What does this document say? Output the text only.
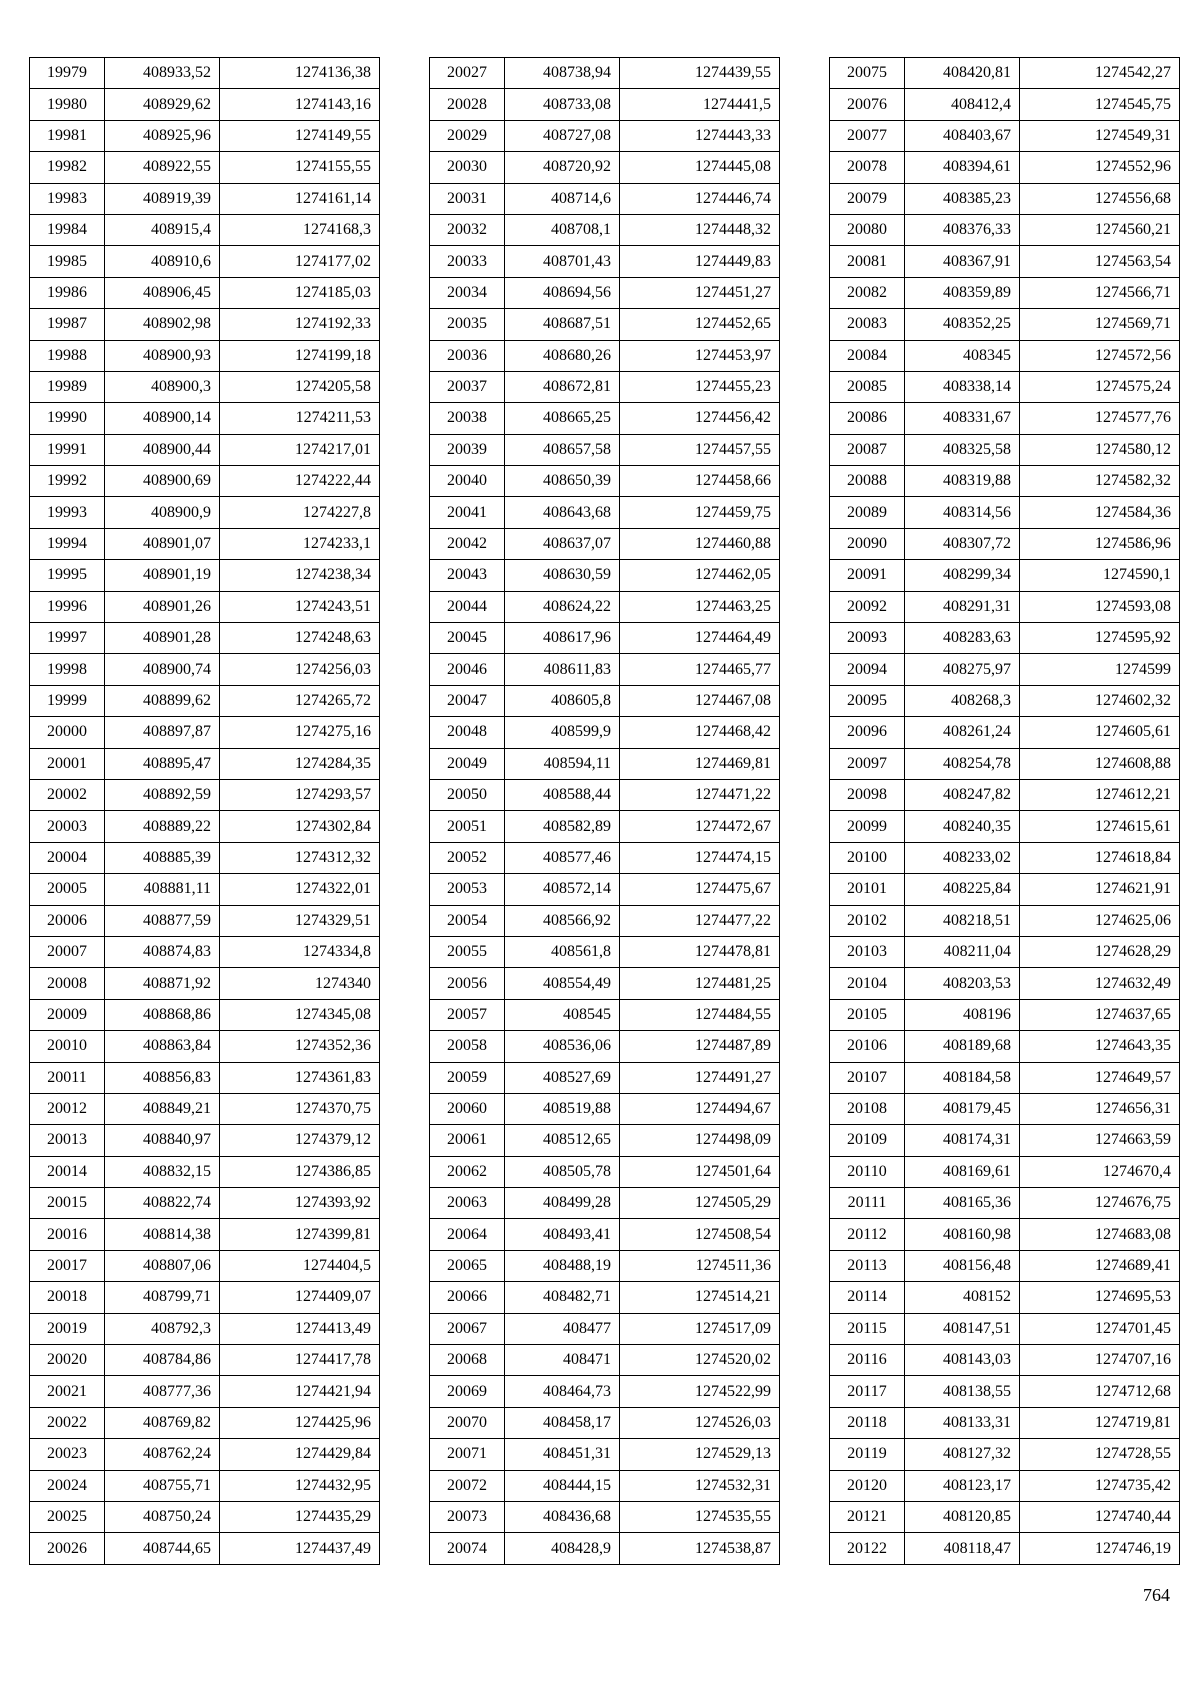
19979	408933,52	1274136,38
19980	408929,62	1274143,16
19981	408925,96	1274149,55
19982	408922,55	1274155,55
19983	408919,39	1274161,14
19984	408915,4	1274168,3
19985	408910,6	1274177,02
19986	408906,45	1274185,03
19987	408902,98	1274192,33
19988	408900,93	1274199,18
19989	408900,3	1274205,58
19990	408900,14	1274211,53
19991	408900,44	1274217,01
19992	408900,69	1274222,44
19993	408900,9	1274227,8
19994	408901,07	1274233,1
19995	408901,19	1274238,34
19996	408901,26	1274243,51
19997	408901,28	1274248,63
19998	408900,74	1274256,03
19999	408899,62	1274265,72
20000	408897,87	1274275,16
20001	408895,47	1274284,35
20002	408892,59	1274293,57
20003	408889,22	1274302,84
20004	408885,39	1274312,32
20005	408881,11	1274322,01
20006	408877,59	1274329,51
20007	408874,83	1274334,8
20008	408871,92	1274340
20009	408868,86	1274345,08
20010	408863,84	1274352,36
20011	408856,83	1274361,83
20012	408849,21	1274370,75
20013	408840,97	1274379,12
20014	408832,15	1274386,85
20015	408822,74	1274393,92
20016	408814,38	1274399,81
20017	408807,06	1274404,5
20018	408799,71	1274409,07
20019	408792,3	1274413,49
20020	408784,86	1274417,78
20021	408777,36	1274421,94
20022	408769,82	1274425,96
20023	408762,24	1274429,84
20024	408755,71	1274432,95
20025	408750,24	1274435,29
20026	408744,65	1274437,49
20027	408738,94	1274439,55
20028	408733,08	1274441,5
20029	408727,08	1274443,33
20030	408720,92	1274445,08
20031	408714,6	1274446,74
20032	408708,1	1274448,32
20033	408701,43	1274449,83
20034	408694,56	1274451,27
20035	408687,51	1274452,65
20036	408680,26	1274453,97
20037	408672,81	1274455,23
20038	408665,25	1274456,42
20039	408657,58	1274457,55
20040	408650,39	1274458,66
20041	408643,68	1274459,75
20042	408637,07	1274460,88
20043	408630,59	1274462,05
20044	408624,22	1274463,25
20045	408617,96	1274464,49
20046	408611,83	1274465,77
20047	408605,8	1274467,08
20048	408599,9	1274468,42
20049	408594,11	1274469,81
20050	408588,44	1274471,22
20051	408582,89	1274472,67
20052	408577,46	1274474,15
20053	408572,14	1274475,67
20054	408566,92	1274477,22
20055	408561,8	1274478,81
20056	408554,49	1274481,25
20057	408545	1274484,55
20058	408536,06	1274487,89
20059	408527,69	1274491,27
20060	408519,88	1274494,67
20061	408512,65	1274498,09
20062	408505,78	1274501,64
20063	408499,28	1274505,29
20064	408493,41	1274508,54
20065	408488,19	1274511,36
20066	408482,71	1274514,21
20067	408477	1274517,09
20068	408471	1274520,02
20069	408464,73	1274522,99
20070	408458,17	1274526,03
20071	408451,31	1274529,13
20072	408444,15	1274532,31
20073	408436,68	1274535,55
20074	408428,9	1274538,87
20075	408420,81	1274542,27
20076	408412,4	1274545,75
20077	408403,67	1274549,31
20078	408394,61	1274552,96
20079	408385,23	1274556,68
20080	408376,33	1274560,21
20081	408367,91	1274563,54
20082	408359,89	1274566,71
20083	408352,25	1274569,71
20084	408345	1274572,56
20085	408338,14	1274575,24
20086	408331,67	1274577,76
20087	408325,58	1274580,12
20088	408319,88	1274582,32
20089	408314,56	1274584,36
20090	408307,72	1274586,96
20091	408299,34	1274590,1
20092	408291,31	1274593,08
20093	408283,63	1274595,92
20094	408275,97	1274599
20095	408268,3	1274602,32
20096	408261,24	1274605,61
20097	408254,78	1274608,88
20098	408247,82	1274612,21
20099	408240,35	1274615,61
20100	408233,02	1274618,84
20101	408225,84	1274621,91
20102	408218,51	1274625,06
20103	408211,04	1274628,29
20104	408203,53	1274632,49
20105	408196	1274637,65
20106	408189,68	1274643,35
20107	408184,58	1274649,57
20108	408179,45	1274656,31
20109	408174,31	1274663,59
20110	408169,61	1274670,4
20111	408165,36	1274676,75
20112	408160,98	1274683,08
20113	408156,48	1274689,41
20114	408152	1274695,53
20115	408147,51	1274701,45
20116	408143,03	1274707,16
20117	408138,55	1274712,68
20118	408133,31	1274719,81
20119	408127,32	1274728,55
20120	408123,17	1274735,42
20121	408120,85	1274740,44
20122	408118,47	1274746,19
764
